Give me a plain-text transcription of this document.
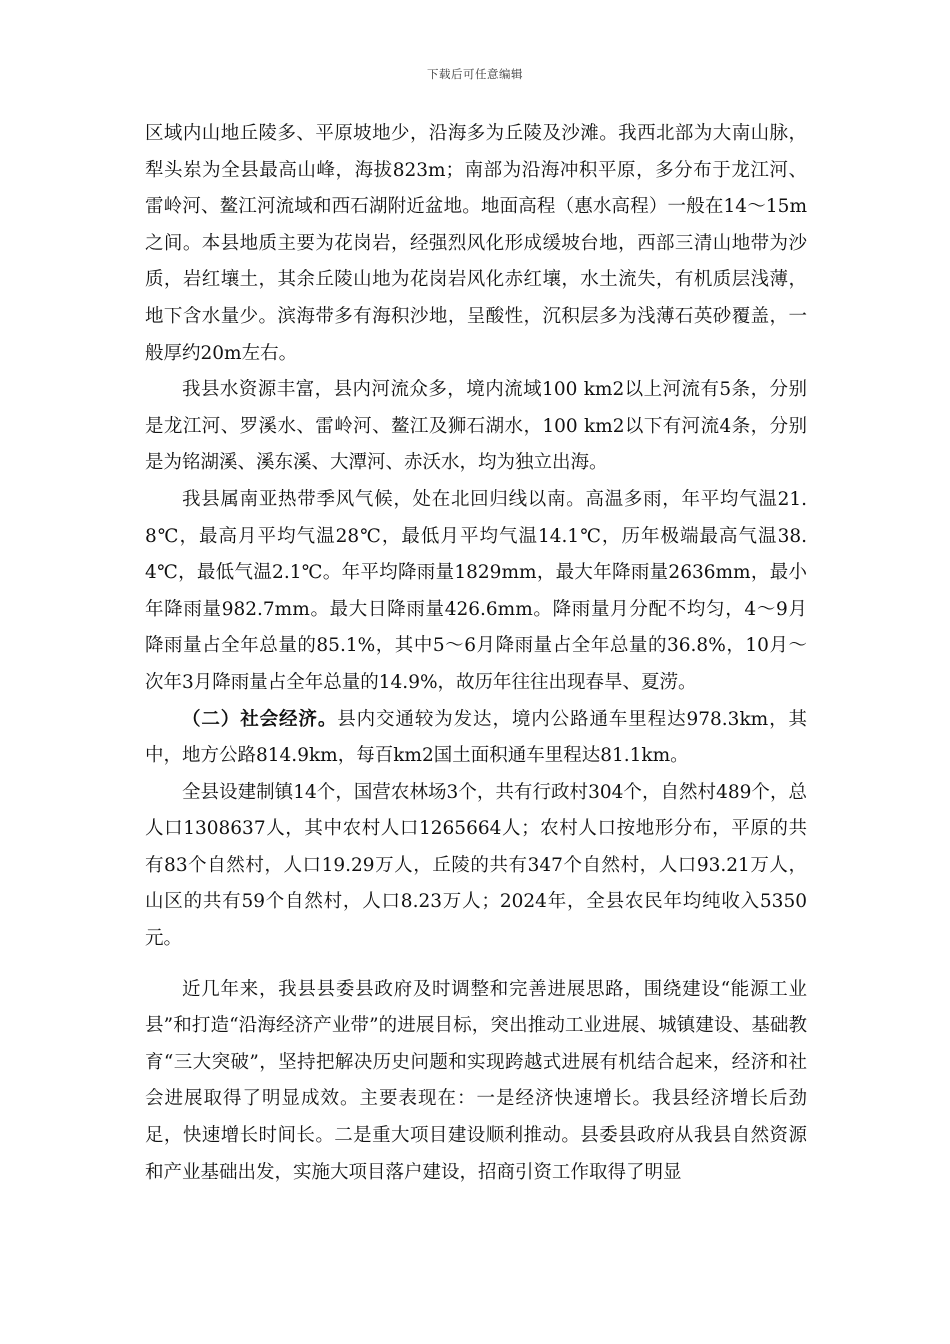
下载后可任意编辑

区域内山地丘陵多、平原坡地少，沿海多为丘陵及沙滩。我西北部为大南山脉，犁头岽为全县最高山峰，海拔823m；南部为沿海冲积平原，多分布于龙江河、雷岭河、鳌江河流域和西石湖附近盆地。地面高程（惠水高程）一般在14～15m之间。本县地质主要为花岗岩，经强烈风化形成缓坡台地，西部三清山地带为沙质，岩红壤土，其余丘陵山地为花岗岩风化赤红壤，水土流失，有机质层浅薄，地下含水量少。滨海带多有海积沙地，呈酸性，沉积层多为浅薄石英砂覆盖，一般厚约20m左右。

我县水资源丰富，县内河流众多，境内流域100 km2以上河流有5条，分别是龙江河、罗溪水、雷岭河、鳌江及狮石湖水，100 km2以下有河流4条，分别是为铭湖溪、溪东溪、大潭河、赤沃水，均为独立出海。

我县属南亚热带季风气候，处在北回归线以南。高温多雨，年平均气温21.8℃，最高月平均气温28℃，最低月平均气温14.1℃，历年极端最高气温38.4℃，最低气温2.1℃。年平均降雨量1829mm，最大年降雨量2636mm，最小年降雨量982.7mm。最大日降雨量426.6mm。降雨量月分配不均匀，4～9月降雨量占全年总量的85.1%，其中5～6月降雨量占全年总量的36.8%，10月～次年3月降雨量占全年总量的14.9%，故历年往往出现春旱、夏涝。

（二）社会经济。县内交通较为发达，境内公路通车里程达978.3km，其中，地方公路814.9km，每百km2国土面积通车里程达81.1km。

全县设建制镇14个，国营农林场3个，共有行政村304个，自然村489个，总人口1308637人，其中农村人口1265664人；农村人口按地形分布，平原的共有83个自然村，人口19.29万人，丘陵的共有347个自然村，人口93.21万人，山区的共有59个自然村，人口8.23万人；2024年，全县农民年均纯收入5350元。

近几年来，我县县委县政府及时调整和完善进展思路，围绕建设“能源工业县”和打造“沿海经济产业带”的进展目标，突出推动工业进展、城镇建设、基础教育“三大突破”，坚持把解决历史问题和实现跨越式进展有机结合起来，经济和社会进展取得了明显成效。主要表现在：一是经济快速增长。我县经济增长后劲足，快速增长时间长。二是重大项目建设顺利推动。县委县政府从我县自然资源和产业基础出发，实施大项目落户建设，招商引资工作取得了明显
